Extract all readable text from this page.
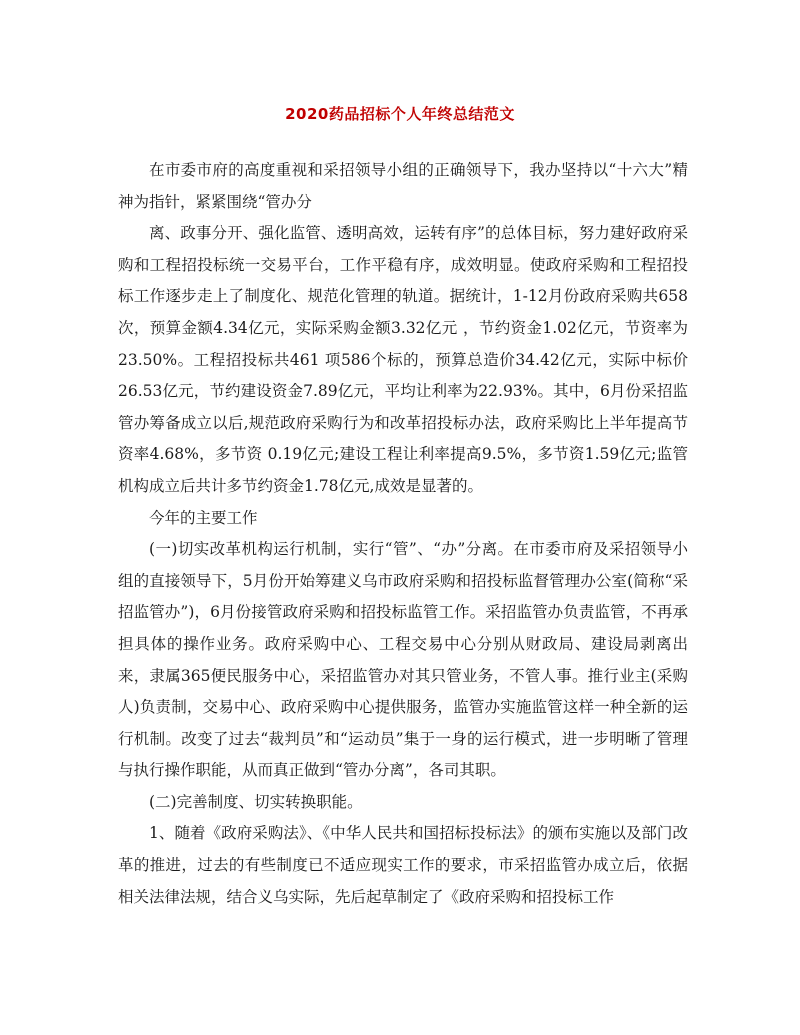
2020药品招标个人年终总结范文

在市委市府的高度重视和采招领导小组的正确领导下，我办坚持以“十六大”精神为指针，紧紧围绕“管办分

离、政事分开、强化监管、透明高效，运转有序”的总体目标，努力建好政府采购和工程招投标统一交易平台，工作平稳有序，成效明显。使政府采购和工程招投标工作逐步走上了制度化、规范化管理的轨道。据统计，1-12月份政府采购共658次，预算金额4.34亿元，实际采购金额3.32亿元 ，节约资金1.02亿元，节资率为23.50%。工程招投标共461 项586个标的，预算总造价34.42亿元，实际中标价26.53亿元，节约建设资金7.89亿元，平均让利率为22.93%。其中，6月份采招监管办筹备成立以后,规范政府采购行为和改革招投标办法，政府采购比上半年提高节资率4.68%，多节资 0.19亿元;建设工程让利率提高9.5%，多节资1.59亿元;监管机构成立后共计多节约资金1.78亿元,成效是显著的。

今年的主要工作

(一)切实改革机构运行机制，实行“管”、“办”分离。在市委市府及采招领导小组的直接领导下，5月份开始筹建义乌市政府采购和招投标监督管理办公室(简称“采招监管办”)，6月份接管政府采购和招投标监管工作。采招监管办负责监管，不再承担具体的操作业务。政府采购中心、工程交易中心分别从财政局、建设局剥离出来，隶属365便民服务中心，采招监管办对其只管业务，不管人事。推行业主(采购人)负责制，交易中心、政府采购中心提供服务，监管办实施监管这样一种全新的运行机制。改变了过去“裁判员”和“运动员”集于一身的运行模式，进一步明晰了管理与执行操作职能，从而真正做到“管办分离”，各司其职。

(二)完善制度、切实转换职能。

1、随着《政府采购法》、《中华人民共和国招标投标法》的颁布实施以及部门改革的推进，过去的有些制度已不适应现实工作的要求，市采招监管办成立后，依据相关法律法规，结合义乌实际，先后起草制定了《政府采购和招投标工作
